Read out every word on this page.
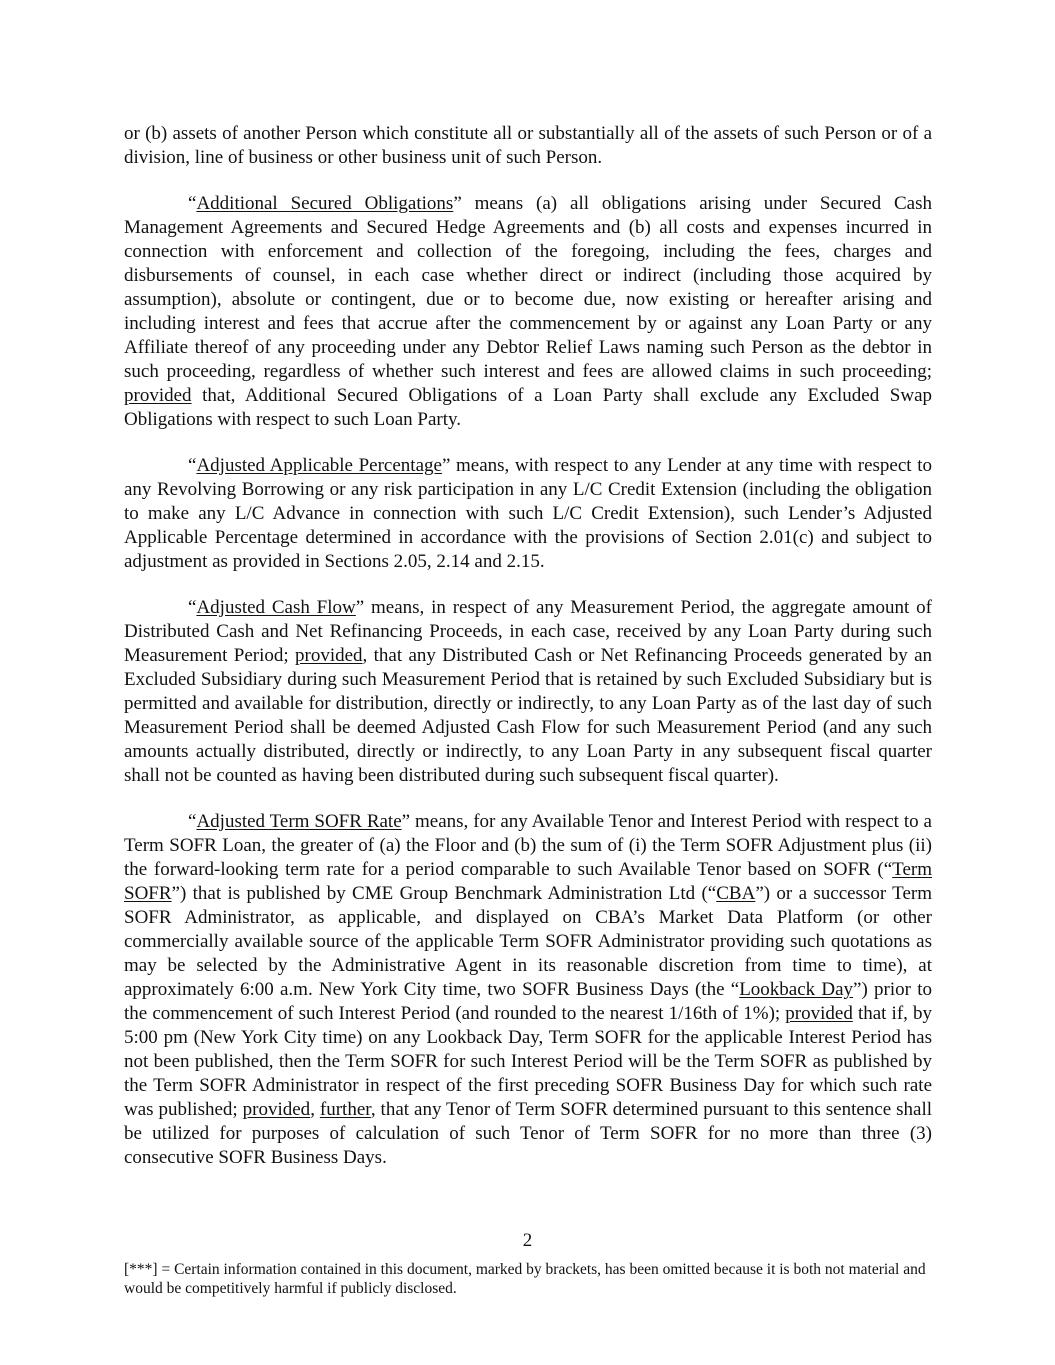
or (b) assets of another Person which constitute all or substantially all of the assets of such Person or of a division, line of business or other business unit of such Person.

“Additional Secured Obligations” means (a) all obligations arising under Secured Cash Management Agreements and Secured Hedge Agreements and (b) all costs and expenses incurred in connection with enforcement and collection of the foregoing, including the fees, charges and disbursements of counsel, in each case whether direct or indirect (including those acquired by assumption), absolute or contingent, due or to become due, now existing or hereafter arising and including interest and fees that accrue after the commencement by or against any Loan Party or any Affiliate thereof of any proceeding under any Debtor Relief Laws naming such Person as the debtor in such proceeding, regardless of whether such interest and fees are allowed claims in such proceeding; provided that, Additional Secured Obligations of a Loan Party shall exclude any Excluded Swap Obligations with respect to such Loan Party.

“Adjusted Applicable Percentage” means, with respect to any Lender at any time with respect to any Revolving Borrowing or any risk participation in any L/C Credit Extension (including the obligation to make any L/C Advance in connection with such L/C Credit Extension), such Lender’s Adjusted Applicable Percentage determined in accordance with the provisions of Section 2.01(c) and subject to adjustment as provided in Sections 2.05, 2.14 and 2.15.

“Adjusted Cash Flow” means, in respect of any Measurement Period, the aggregate amount of Distributed Cash and Net Refinancing Proceeds, in each case, received by any Loan Party during such Measurement Period; provided, that any Distributed Cash or Net Refinancing Proceeds generated by an Excluded Subsidiary during such Measurement Period that is retained by such Excluded Subsidiary but is permitted and available for distribution, directly or indirectly, to any Loan Party as of the last day of such Measurement Period shall be deemed Adjusted Cash Flow for such Measurement Period (and any such amounts actually distributed, directly or indirectly, to any Loan Party in any subsequent fiscal quarter shall not be counted as having been distributed during such subsequent fiscal quarter).

“Adjusted Term SOFR Rate” means, for any Available Tenor and Interest Period with respect to a Term SOFR Loan, the greater of (a) the Floor and (b) the sum of (i) the Term SOFR Adjustment plus (ii) the forward-looking term rate for a period comparable to such Available Tenor based on SOFR (“Term SOFR”) that is published by CME Group Benchmark Administration Ltd (“CBA”) or a successor Term SOFR Administrator, as applicable, and displayed on CBA’s Market Data Platform (or other commercially available source of the applicable Term SOFR Administrator providing such quotations as may be selected by the Administrative Agent in its reasonable discretion from time to time), at approximately 6:00 a.m. New York City time, two SOFR Business Days (the “Lookback Day”) prior to the commencement of such Interest Period (and rounded to the nearest 1/16th of 1%); provided that if, by 5:00 pm (New York City time) on any Lookback Day, Term SOFR for the applicable Interest Period has not been published, then the Term SOFR for such Interest Period will be the Term SOFR as published by the Term SOFR Administrator in respect of the first preceding SOFR Business Day for which such rate was published; provided, further, that any Tenor of Term SOFR determined pursuant to this sentence shall be utilized for purposes of calculation of such Tenor of Term SOFR for no more than three (3) consecutive SOFR Business Days.

2
[***] = Certain information contained in this document, marked by brackets, has been omitted because it is both not material and would be competitively harmful if publicly disclosed.
